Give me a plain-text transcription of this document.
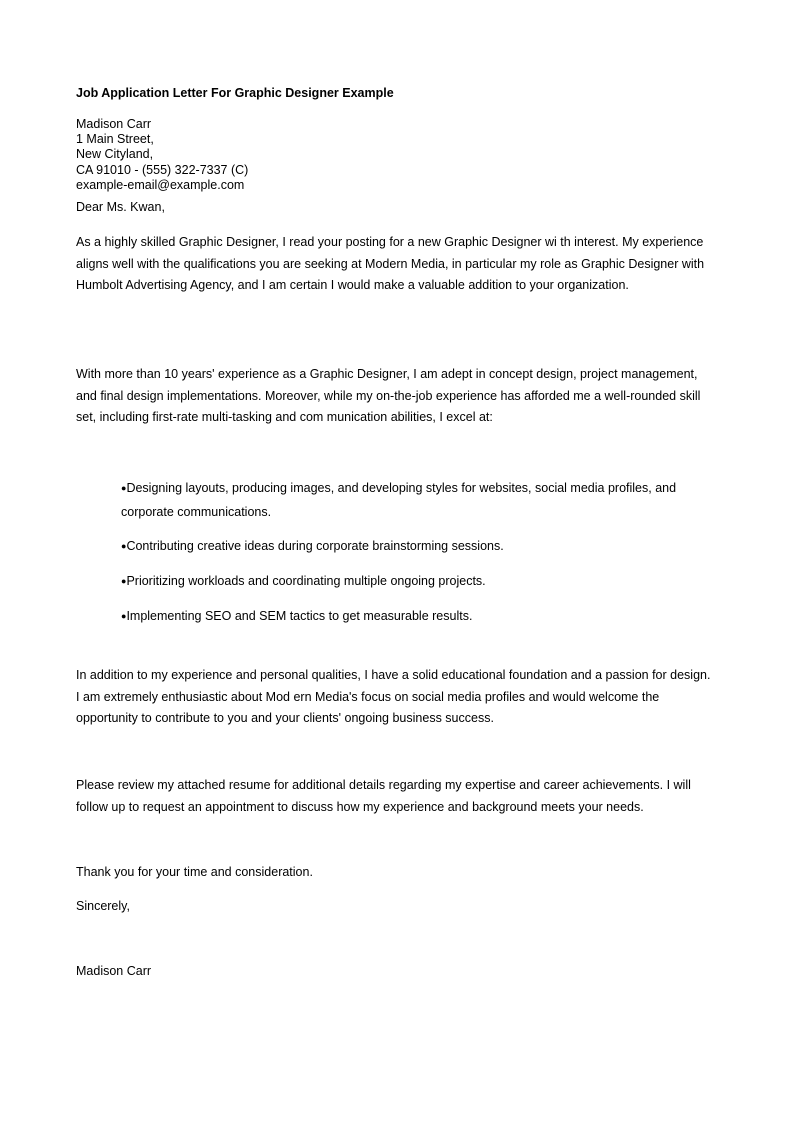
Job Application Letter For Graphic Designer Example
Madison Carr
1 Main Street,
New Cityland,
CA 91010 - (555) 322-7337 (C)
example-email@example.com
Dear Ms. Kwan,

As a highly skilled Graphic Designer, I read your posting for a new Graphic Designer wi th interest. My experience aligns well with the qualifications you are seeking at Modern Media, in particular my role as Graphic Designer with Humbolt Advertising Agency, and I am certain I would make a valuable addition to your organization.

With more than 10 years' experience as a Graphic Designer, I am adept in concept design, project management, and final design implementations. Moreover, while my on-the-job experience has afforded me a well-rounded skill set, including first-rate multi-tasking and com munication abilities, I excel at:

●Designing layouts, producing images, and developing styles for websites, social media profiles, and corporate communications.
●Contributing creative ideas during corporate brainstorming sessions.
●Prioritizing workloads and coordinating multiple ongoing projects.
●Implementing SEO and SEM tactics to get measurable results.

In addition to my experience and personal qualities, I have a solid educational foundation and a passion for design. I am extremely enthusiastic about Mod ern Media's focus on social media profiles and would welcome the opportunity to contribute to you and your clients' ongoing business success.

Please review my attached resume for additional details regarding my expertise and career achievements. I will follow up to request an appointment to discuss how my experience and background meets your needs.

Thank you for your time and consideration.

Sincerely,
Madison Carr
